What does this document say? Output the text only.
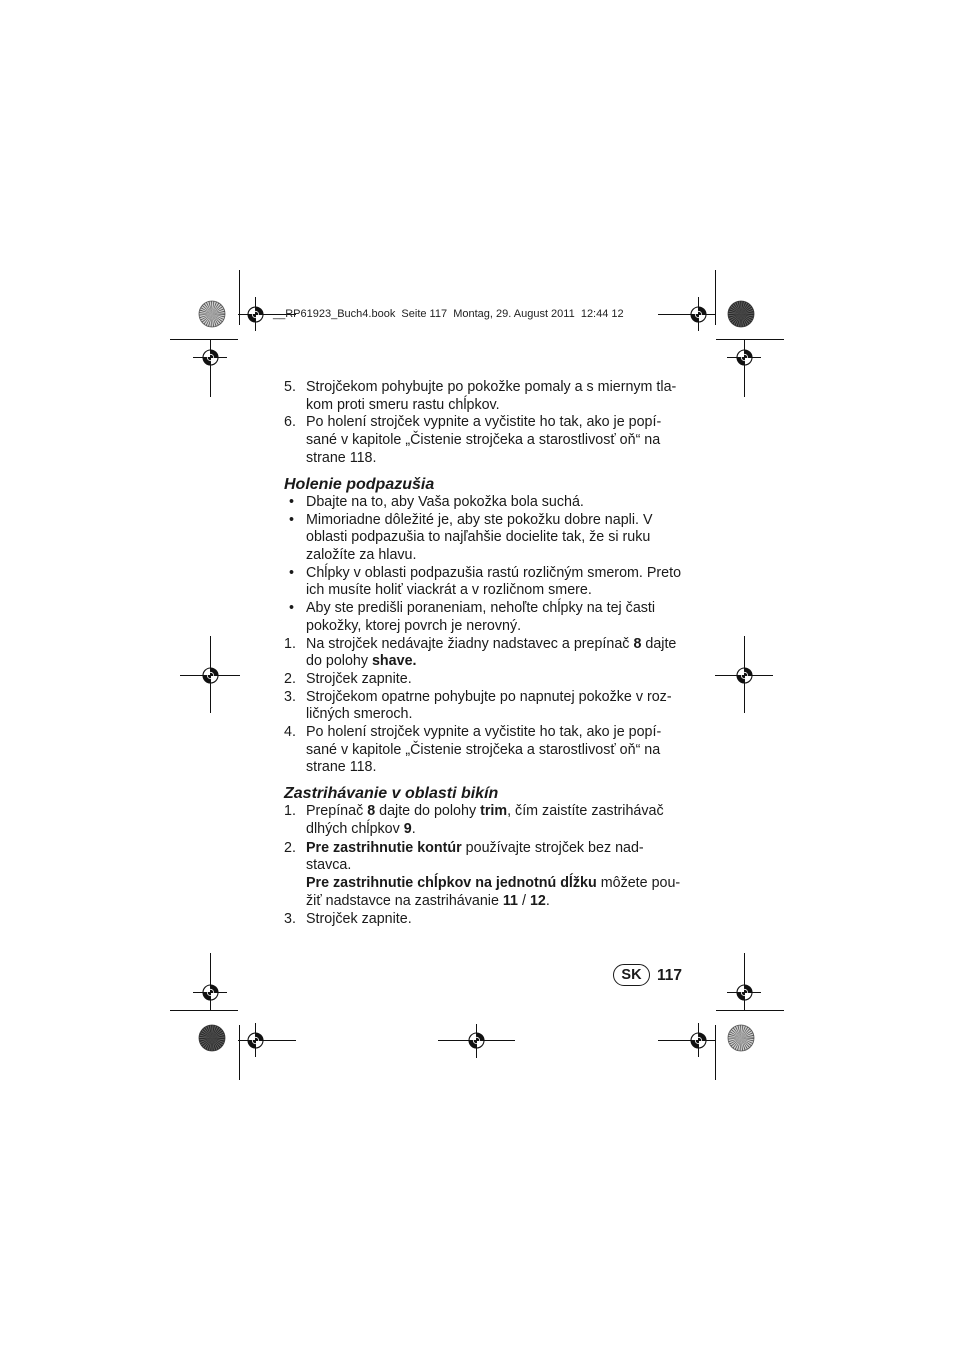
__RP61923_Buch4.book  Seite 117  Montag, 29. August 2011  12:44 12
5. Strojčekom pohybujte po pokožke pomaly a s miernym tla-
kom proti smeru rastu chĺpkov.
6. Po holení strojček vypnite a vyčistite ho tak, ako je popí-
sané v kapitole „Čistenie strojčeka a starostlivosť oň“ na
strane 118.
Holenie podpazušia
• Dbajte na to, aby Vaša pokožka bola suchá.
• Mimoriadne dôležité je, aby ste pokožku dobre napli. V
oblasti podpazušia to najľahšie docielite tak, že si ruku
založíte za hlavu.
• Chĺpky v oblasti podpazušia rastú rozličným smerom. Preto
ich musíte holiť viackrát a v rozličnom smere.
• Aby ste predišli poraneniam, nehoľte chĺpky na tej časti
pokožky, ktorej povrch je nerovný.
1. Na strojček nedávajte žiadny nadstavec a prepínač 8 dajte
do polohy shave.
2. Strojček zapnite.
3. Strojčekom opatrne pohybujte po napnutej pokožke v roz-
ličných smeroch.
4. Po holení strojček vypnite a vyčistite ho tak, ako je popí-
sané v kapitole „Čistenie strojčeka a starostlivosť oň“ na
strane 118.
Zastrihávanie v oblasti bikín
1. Prepínač 8 dajte do polohy trim, čím zaistíte zastrihávač
dlhých chĺpkov 9.
2. Pre zastrihnutie kontúr používajte strojček bez nad-
stavca.
Pre zastrihnutie chĺpkov na jednotnú dĺžku môžete pou-
žiť nadstavce na zastrihávanie 11 / 12.
3. Strojček zapnite.
SK 117
